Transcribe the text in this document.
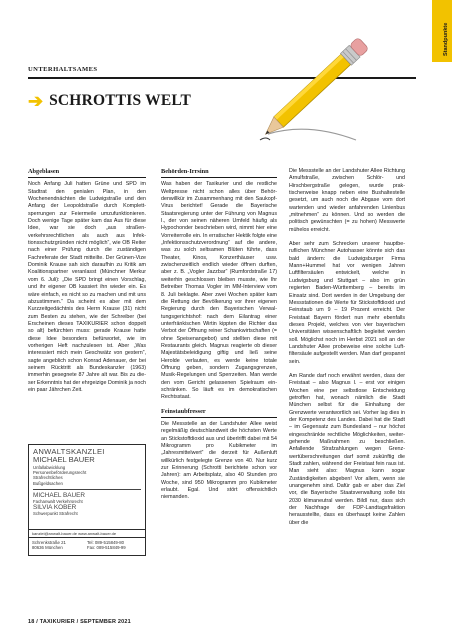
Standpunkte
UNTERHALTSAMES
➔ SCHROTTIS WELT
Abgeblasen

Noch Anfang Juli hatten Grüne und SPD im Stadtrat den genialen Plan, in den Wochenendnächten die Ludwigstraße und den Anfang der Leopoldstraße durch Komplettsperrungen zur Feiermeile umzufunktionieren. Doch wenige Tage später kam das Aus für diese Idee, war sie doch „aus straßenverkehrsrechtlichen als auch aus Infektionsschutzgründen nicht möglich“, wie OB Reiter nach einer Prüfung durch die zuständigen Fachreferate der Stadt mitteilte. Der Grünen-Vize Dominik Krause sah sich daraufhin zu Kritik am Koalitionspartner veranlasst (Münchner Merkur vom 6. Juli): „Die SPD bringt einen Vorschlag, und ihr eigener OB kassiert ihn wieder ein. Es wäre einfach, es nicht so zu machen und mit uns abzustimmen.“ Da scheint es aber mit dem Kurzzeitgedächtnis des Herrn Krause (31) nicht zum Besten zu stehen, wie der Schreiber (bei Erscheinen dieses TAXIKURIER schon doppelt so alt) befürchten muss: gerade Krause hatte diese Idee besonders befürwortet, wie im vorherigen Heft nachzulesen ist. Aber „Was interessiert mich mein Geschwätz von gestern“, sagte angeblich schon Konrad Adenauer, der bei seinem Rücktritt als Bundeskanzler (1963) immerhin gesegnete 87 Jahre alt war. Bis zu dieser Erkenntnis hat der ehrgeizige Dominik ja noch ein paar Jährchen Zeit.

ANWALTSKANZLEI
MICHAEL BAUER
Unfallabwicklung
Personenbeförderungsrecht
Strafrechtliches
Bußgeldsachen
MICHAEL BAUER
Fachanwalt Verkehrsrecht
SILVIA KOBER
Schwerpunkt Strafrecht
kanzlei@anwalt-bauer.de www.anwalt-bauer.de
Schrenkstraße 21
80636 München
Tel: 089-515849-80
Fax: 089-515849-99
Behörden-Irrsinn

Was haben der Taxikurier und die restliche Weltpresse nicht schon alles über Behördenwillkür im Zusammenhang mit den Saukopf-Virus berichtet! Gerade die Bayerische Staatsregierung unter der Führung von Magnus I., der von seinen näheren Umfeld häufig als Hypochonder beschrieben wird, nimmt hier eine Vorreiterrolle ein. In erratischer Hektik folgte eine „Infektionsschutzverordnung“ auf die andere, was zu solch seltsamen Blüten führte, dass Theater, Kinos, Konzerthäuser usw. zwischenzeitlich endlich wieder öffnen durften, aber z. B. „Vogler Jazzbar“ (Rumfordstraße 17) weiterhin geschlossen bleiben musste, wie Ihr Betreiber Thomas Vogler im MM-Interview vom 8. Juli beklagte. Aber zwei Wochen später kam die Rettung der Bevölkerung vor ihrer eigenen Regierung durch den Bayerischen Verwaltungsgerichtshof: nach dem Eilantrag einer unterfränkischen Wirtin kippten die Richter das Verbot der Öffnung reiner Schankwirtschaften (= ohne Speisenangebot) und stellten diese mit Restaurants gleich. Magnus reagierte ob dieser Majestätsbeleidigung giftig und ließ seine Herolde verlauten, es werde keine totale Öffnung geben, sondern Zugangsgrenzen, Musik-Regelungen und Sperrzeiten. Man werde den vom Gericht gelassenen Spielraum einschränken. So läuft es im demokratischen Rechtsstaat.

Feinstaubfresser

Die Messstelle an der Landshuter Allee weist regelmäßig deutschlandweit die höchsten Werte an Stickstoffdioxid aus und überlrifft dabei mit 54 Mikrogramm pro Kubikmeter im „Jahresmittelwert“ die derzeit für Außenluft willkürlich festgelegte Grenze von 40. Nur kurz zur Erinnerung (Schrotti berichtete schon vor Jahren): am Arbeitsplatz, also 40 Stunden pro Woche, sind 950 Mikrogramm pro Kubikmeter erlaubt. Egal. Und stört offensichtlich niemanden.

Die Messstelle an der Landshuter Allee Richtung Arnulfstraße, zwischen Schlör- und Hirschbergstraße gelegen, wurde praktischerweise knapp neben eine Bushaltestelle gesetzt, um auch noch die Abgase vom dort wartenden und wieder anfahrenden Linienbus „mitnehmen“ zu können. Und so werden die politisch gewünschten (= zu hohen) Messwerte mühelos erreicht.

Aber sehr zum Schrecken unserer hauptberuflichen Münchner Autohasser könnte sich das bald ändern: die Ludwigsburger Firma Mann+Hummel hat vor wenigen Jahren Luftfiltersäulen entwickelt, welche in Ludwigsburg und Stuttgart – also im grün regierten Baden-Württemberg – bereits im Einsatz sind. Dort werden in der Umgebung der Messstationen die Werte für Stickstoffdioxid und Feinstaub um 9 – 19 Prozent erreicht. Der Freistaat Bayern fördert nun mehr ebenfalls dieses Projekt, welches von vier bayerischen Universitäten wissenschaftlich begleitet werden soll. Möglichst noch im Herbst 2021 soll an der Landshuter Allee probeweise eine solche Luftfiltersäule aufgestellt werden. Man darf gespannt sein.

Am Rande darf noch erwähnt werden, dass der Freistaat – also Magnus I. – erst vor einigen Wochen eine per selbstlose Entscheidung getroffen hat, wonach nämlich die Stadt München selbst für die Einhaltung der Grenzwerte verantwortlich sei. Vorher lag dies in der Kompetenz des Landes. Dabei hat die Stadt – im Gegensatz zum Bundesland – nur höchst eingeschränkte rechtliche Möglichkeiten, weitergehende Maßnahmen zu beschließen. Anfallende Strafzahlungen wegen Grenzwertüberschreitungen darf somit zukünftig die Stadt zahlen, während der Freistaat fein raus ist. Man sieht also: Magnus kann sogar Zuständigkeiten abgeben! Vor allem, wenn sie unangenehm sind. Dafür gab er aber das Ziel vor, die Bayerische Staatsverwaltung solle bis 2030 klimaneutral werden. Bildl nur, dass sich der Nachfrage der FDP-Landtagsfraktion herausstellte, dass es überhaupt keine Zahlen über die

18 / TAXIKURIER / SEPTEMBER 2021
